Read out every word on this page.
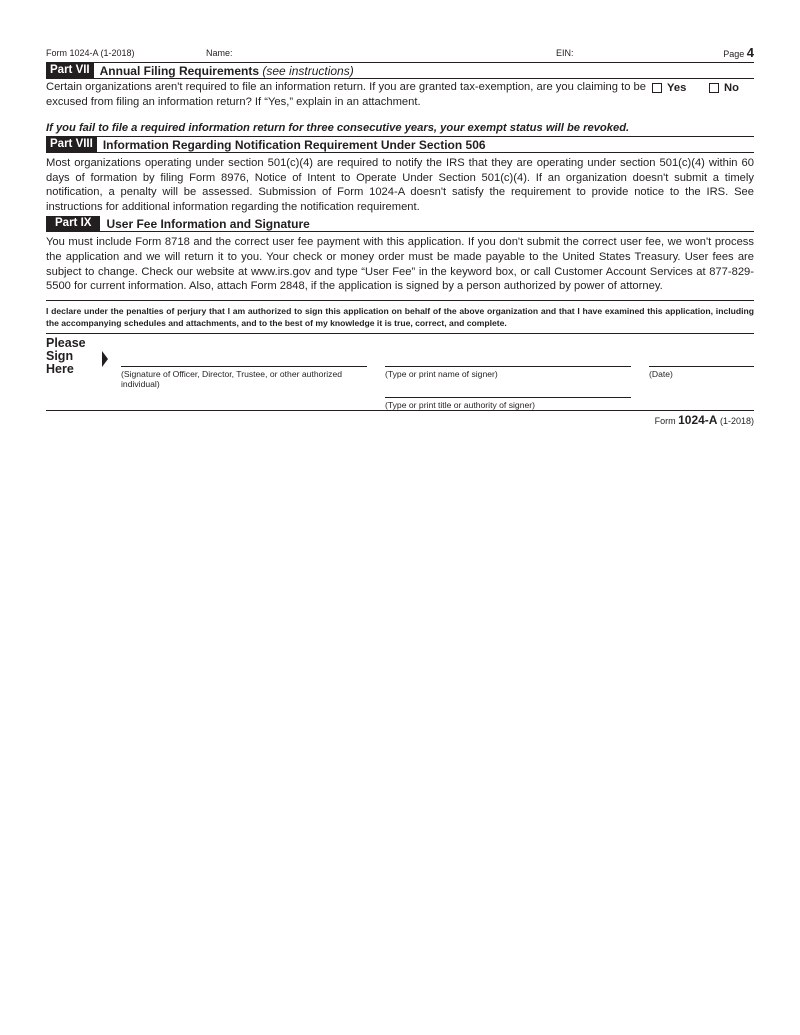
Form 1024-A (1-2018)	Name:	EIN:	Page 4
Part VII Annual Filing Requirements (see instructions)
Certain organizations aren't required to file an information return. If you are granted tax-exemption, are you claiming to be excused from filing an information return? If “Yes,” explain in an attachment.
Yes	No
If you fail to file a required information return for three consecutive years, your exempt status will be revoked.
Part VIII Information Regarding Notification Requirement Under Section 506
Most organizations operating under section 501(c)(4) are required to notify the IRS that they are operating under section 501(c)(4) within 60 days of formation by filing Form 8976, Notice of Intent to Operate Under Section 501(c)(4). If an organization doesn't submit a timely notification, a penalty will be assessed. Submission of Form 1024-A doesn't satisfy the requirement to provide notice to the IRS. See instructions for additional information regarding the notification requirement.
Part IX	User Fee Information and Signature
You must include Form 8718 and the correct user fee payment with this application. If you don't submit the correct user fee, we won't process the application and we will return it to you. Your check or money order must be made payable to the United States Treasury. User fees are subject to change. Check our website at www.irs.gov and type “User Fee” in the keyword box, or call Customer Account Services at 877-829-5500 for current information. Also, attach Form 2848, if the application is signed by a person authorized by power of attorney.
I declare under the penalties of perjury that I am authorized to sign this application on behalf of the above organization and that I have examined this application, including the accompanying schedules and attachments, and to the best of my knowledge it is true, correct, and complete.
Please
Sign
Here	(Signature of Officer, Director, Trustee, or other authorized individual)
(Type or print name of signer)	(Date)
(Type or print title or authority of signer)
Form 1024-A (1-2018)
